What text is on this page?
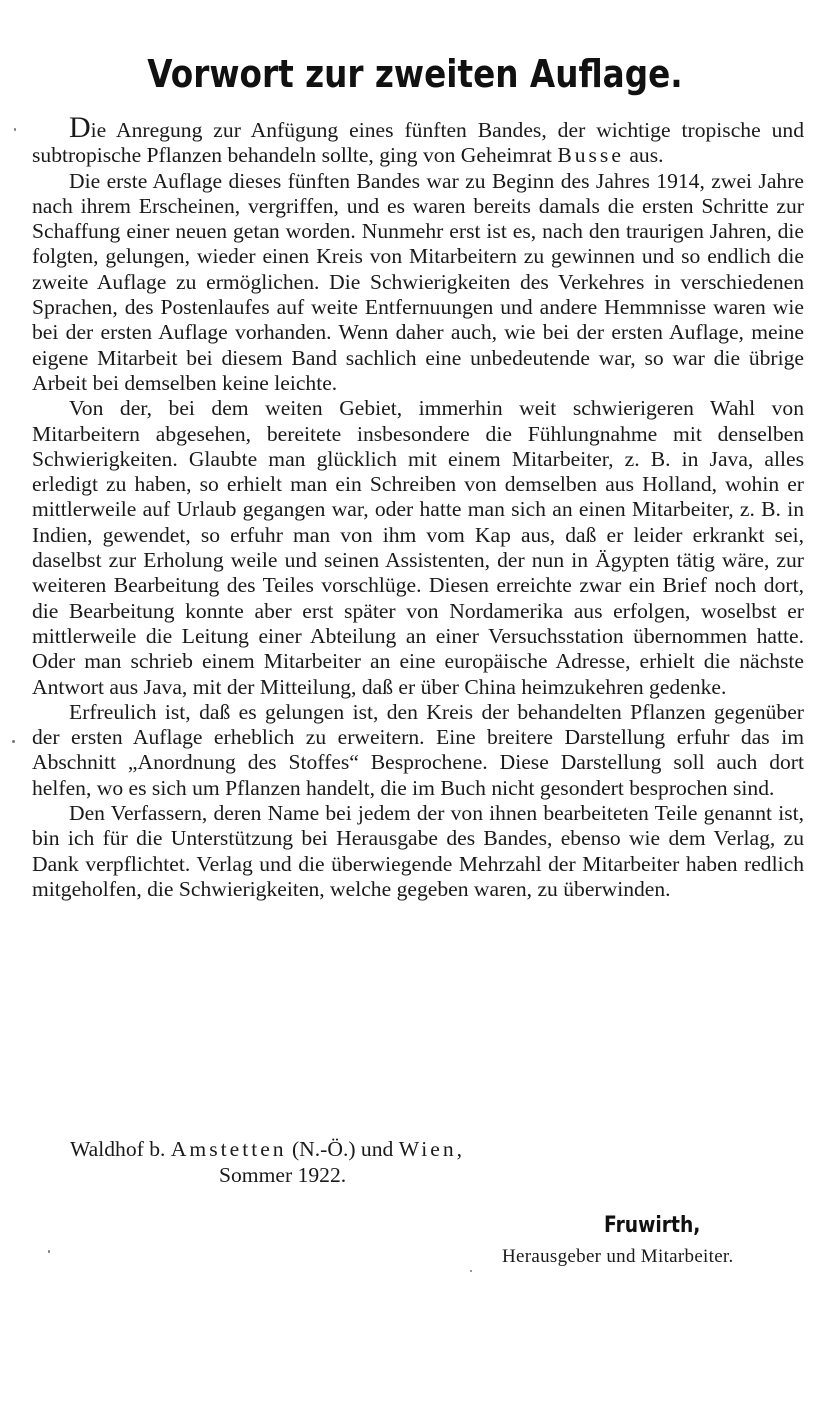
Vorwort zur zweiten Auflage.

Die Anregung zur Anfügung eines fünften Bandes, der wichtige tropische und subtropische Pflanzen behandeln sollte, ging von Geheimrat Busse aus.

Die erste Auflage dieses fünften Bandes war zu Beginn des Jahres 1914, zwei Jahre nach ihrem Erscheinen, vergriffen, und es waren bereits damals die ersten Schritte zur Schaffung einer neuen getan worden. Nunmehr erst ist es, nach den traurigen Jahren, die folgten, gelungen, wieder einen Kreis von Mitarbeitern zu gewinnen und so endlich die zweite Auflage zu ermöglichen. Die Schwierigkeiten des Verkehres in verschiedenen Sprachen, des Postenlaufes auf weite Entfernuungen und andere Hemmnisse waren wie bei der ersten Auflage vorhanden. Wenn daher auch, wie bei der ersten Auflage, meine eigene Mitarbeit bei diesem Band sachlich eine unbedeutende war, so war die übrige Arbeit bei demselben keine leichte.

Von der, bei dem weiten Gebiet, immerhin weit schwierigeren Wahl von Mitarbeitern abgesehen, bereitete insbesondere die Fühlungnahme mit denselben Schwierigkeiten. Glaubte man glücklich mit einem Mitarbeiter, z. B. in Java, alles erledigt zu haben, so erhielt man ein Schreiben von demselben aus Holland, wohin er mittlerweile auf Urlaub gegangen war, oder hatte man sich an einen Mitarbeiter, z. B. in Indien, gewendet, so erfuhr man von ihm vom Kap aus, daß er leider erkrankt sei, daselbst zur Erholung weile und seinen Assistenten, der nun in Ägypten tätig wäre, zur weiteren Bearbeitung des Teiles vorschlüge. Diesen erreichte zwar ein Brief noch dort, die Bearbeitung konnte aber erst später von Nordamerika aus erfolgen, woselbst er mittlerweile die Leitung einer Abteilung an einer Versuchsstation übernommen hatte. Oder man schrieb einem Mitarbeiter an eine europäische Adresse, erhielt die nächste Antwort aus Java, mit der Mitteilung, daß er über China heimzukehren gedenke.

Erfreulich ist, daß es gelungen ist, den Kreis der behandelten Pflanzen gegenüber der ersten Auflage erheblich zu erweitern. Eine breitere Darstellung erfuhr das im Abschnitt „Anordnung des Stoffes“ Besprochene. Diese Darstellung soll auch dort helfen, wo es sich um Pflanzen handelt, die im Buch nicht gesondert besprochen sind.

Den Verfassern, deren Name bei jedem der von ihnen bearbeiteten Teile genannt ist, bin ich für die Unterstützung bei Herausgabe des Bandes, ebenso wie dem Verlag, zu Dank verpflichtet. Verlag und die überwiegende Mehrzahl der Mitarbeiter haben redlich mitgeholfen, die Schwierigkeiten, welche gegeben waren, zu überwinden.

Waldhof b. Amstetten (N.-Ö.) und Wien,
Sommer 1922.
Fruwirth,
Herausgeber und Mitarbeiter.
